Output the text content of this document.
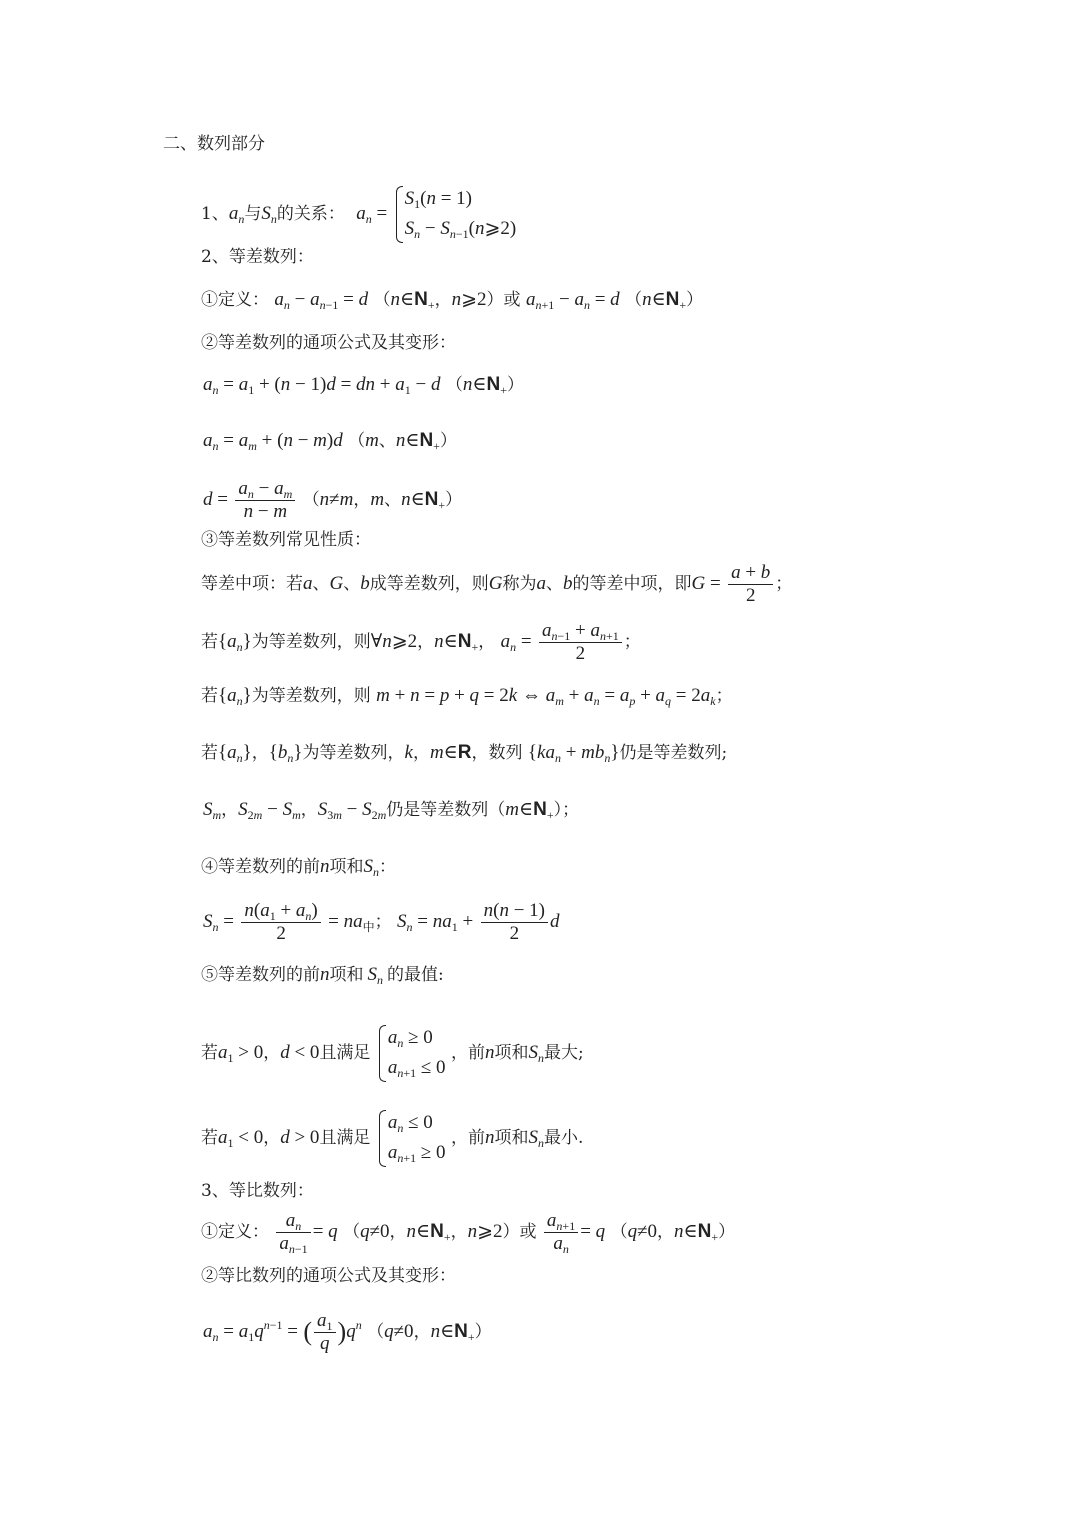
二、数列部分
1、$a_n$与$S_n$的关系： $a_n$ =
$S_1(n = 1)$
$S_n$ − $S_{n-1}(n⩾2)$
2、等差数列：
①定义： $a_n - a_{n-1} = d$ （$n\in N_+$，n⩾2）或 $a_{n+1} - a_n = d$ $(n\in N_+)$
②等差数列的通项公式及其变形：
$a_n = a_1 + (n - 1)d$ = dn + $a_1 - d$ $(n\in N_+)$
$a_n = a_m + (n - m)d$ （m、$n\in N_+$）
$d = \frac{a_n - a_m}{n - m} (n\ne m$，m、$n\in N_+$）
③等差数列常见性质：
等差中项：若a、G、b成等差数列，则G称为a、b的等差中项，即$G = \frac{a + b}{2}$ ；
若$\{a_n\}$为等差数列，则∀n⩾2，$n\in N_+$， $a_n = \frac{a_{n-1} + a_{n+1}}{2}$ ；
若$\{a_n\}$为等差数列，则 m + n = p + q = 2k ⇔ $a_m + a_n = a_p + a_q = 2a_k$；
若$\{a_n\}$，$\{b_n\}$为等差数列，k，m∈R，数列 $\{ka_n + mb_n\}$仍是等差数列;
$S_m$，$S_{2m} - S_m$，$S_{3m} - S_{2m}$仍是等差数列$(m\in N_+)$；
④等差数列的前n项和$S_n$：
$S_n = \frac{n(a_1 + a_n)}{2} = na_中$； $S_n = na_1 + \frac{n(n - 1)}{2}$ d
⑤等差数列的前n项和 $S_n$ 的最值:
若$a_1 > 0$，d < 0且满足
$a_n \ge 0$
$a_{n+1} \le 0$
，前n项和$S_n$最大;
若$a_1 < 0$，d > 0且满足
$a_n \le 0$
$a_{n+1} \ge 0$
，前n项和$S_n$最小.
3、等比数列：
①定义： $\frac{a_n}{a_{n-1}} = q$ （q≠0，$n\in N_+$，n⩾2）或 $\frac{a_{n+1}}{a_n} = q$ （q≠0，$n\in N_+$）
②等比数列的通项公式及其变形：
$a_n = a_1q^{n-1}$ = ( $\frac{a_1}{q} )q^n$ （q≠0，$n\in N_+$）
